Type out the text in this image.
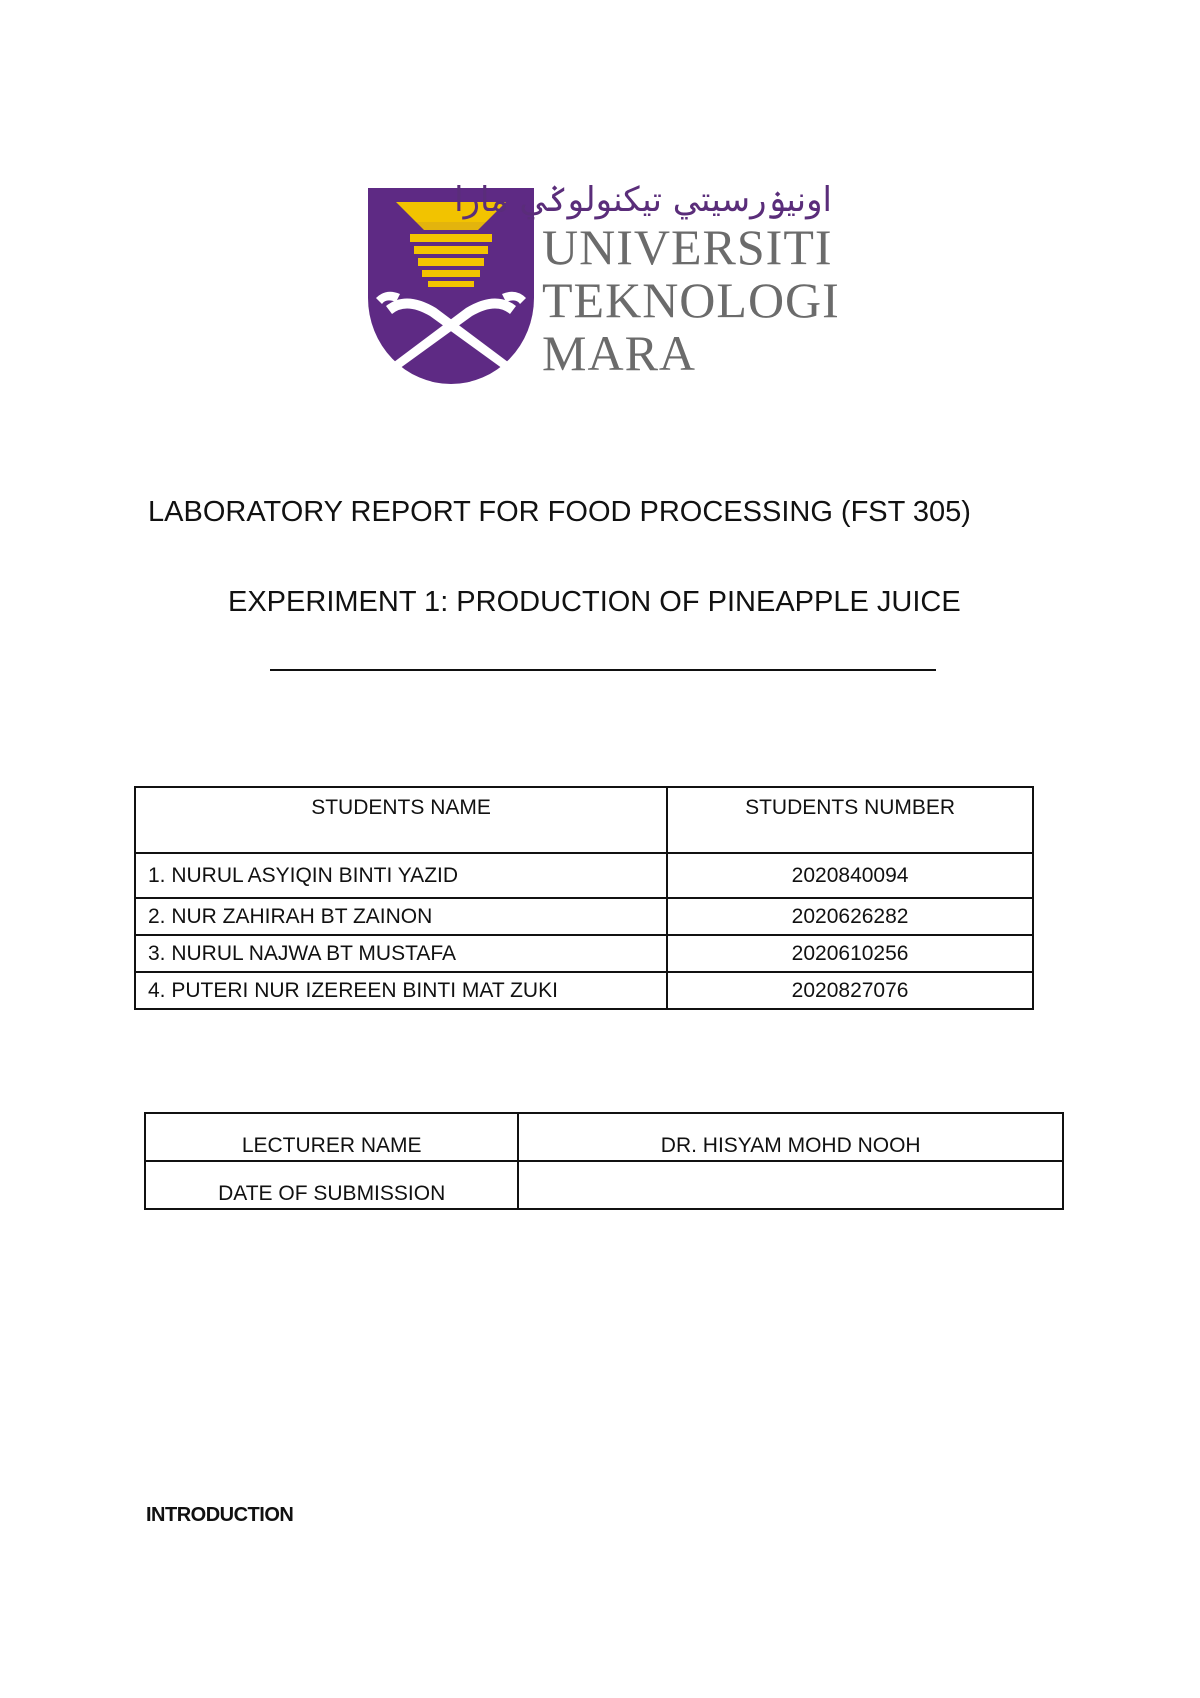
اونيۏرسيتي تيكنولوݢي مارا
UNIVERSITI
TEKNOLOGI
MARA
LABORATORY REPORT FOR FOOD PROCESSING (FST 305)
EXPERIMENT 1: PRODUCTION OF PINEAPPLE JUICE
STUDENTS NAME	STUDENTS NUMBER
1. NURUL ASYIQIN BINTI YAZID	2020840094
2. NUR ZAHIRAH BT ZAINON	2020626282
3. NURUL NAJWA BT MUSTAFA	2020610256
4. PUTERI NUR IZEREEN BINTI MAT ZUKI	2020827076
LECTURER NAME	DR. HISYAM MOHD NOOH
DATE OF SUBMISSION	
INTRODUCTION
